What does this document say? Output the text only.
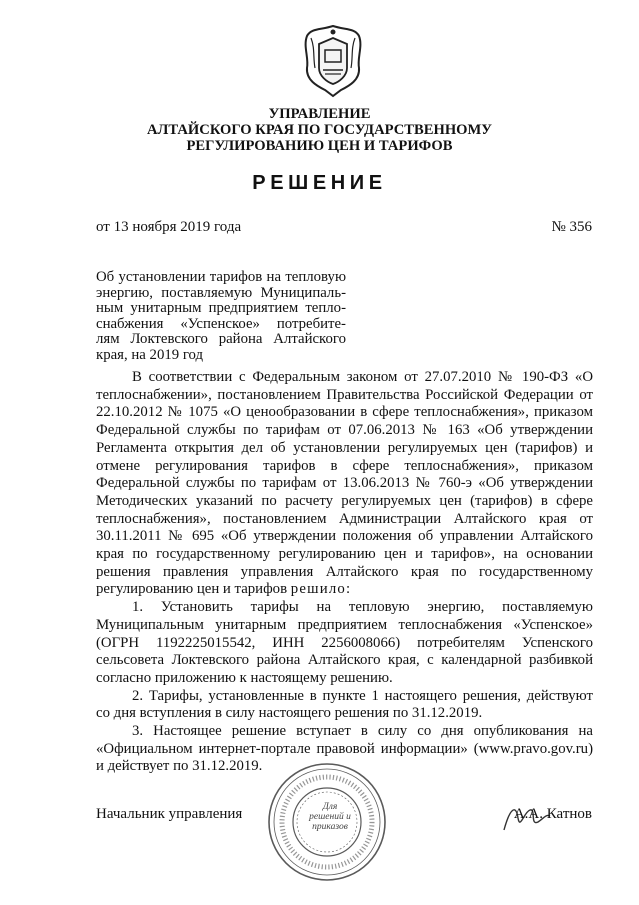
УПРАВЛЕНИЕ
АЛТАЙСКОГО КРАЯ ПО ГОСУДАРСТВЕННОМУ
РЕГУЛИРОВАНИЮ ЦЕН И ТАРИФОВ
РЕШЕНИЕ
от 13 ноября 2019 года	№ 356
Об установлении тарифов на тепловую
энергию, поставляемую Муниципаль-
ным унитарным предприятием тепло-
снабжения «Успенское» потребите-
лям Локтевского района Алтайского
края, на 2019 год
В соответствии с Федеральным законом от 27.07.2010 № 190-ФЗ «О
теплоснабжении», постановлением Правительства Российской Федерации от
22.10.2012 № 1075 «О ценообразовании в сфере теплоснабжения», приказом
Федеральной службы по тарифам от 07.06.2013 № 163 «Об утверждении
Регламента открытия дел об установлении регулируемых цен (тарифов) и
отмене регулирования тарифов в сфере теплоснабжения», приказом
Федеральной службы по тарифам от 13.06.2013 № 760-э «Об утверждении
Методических указаний по расчету регулируемых цен (тарифов) в сфере
теплоснабжения», постановлением Администрации Алтайского края от
30.11.2011 № 695 «Об утверждении положения об управлении Алтайского
края по государственному регулированию цен и тарифов», на основании
решения правления управления Алтайского края по государственному
регулированию цен и тарифов решило:
1. Установить тарифы на тепловую энергию, поставляемую
Муниципальным унитарным предприятием теплоснабжения «Успенское»
(ОГРН 1192225015542, ИНН 2256008066) потребителям Успенского
сельсовета Локтевского района Алтайского края, с календарной разбивкой
согласно приложению к настоящему решению.
2. Тарифы, установленные в пункте 1 настоящего решения, действуют
со дня вступления в силу настоящего решения по 31.12.2019.
3. Настоящее решение вступает в силу со дня опубликования на
«Официальном интернет-портале правовой информации» (www.pravo.gov.ru)
и действует по 31.12.2019.
Для решений и приказов
Начальник управления	А.А. Катнов
